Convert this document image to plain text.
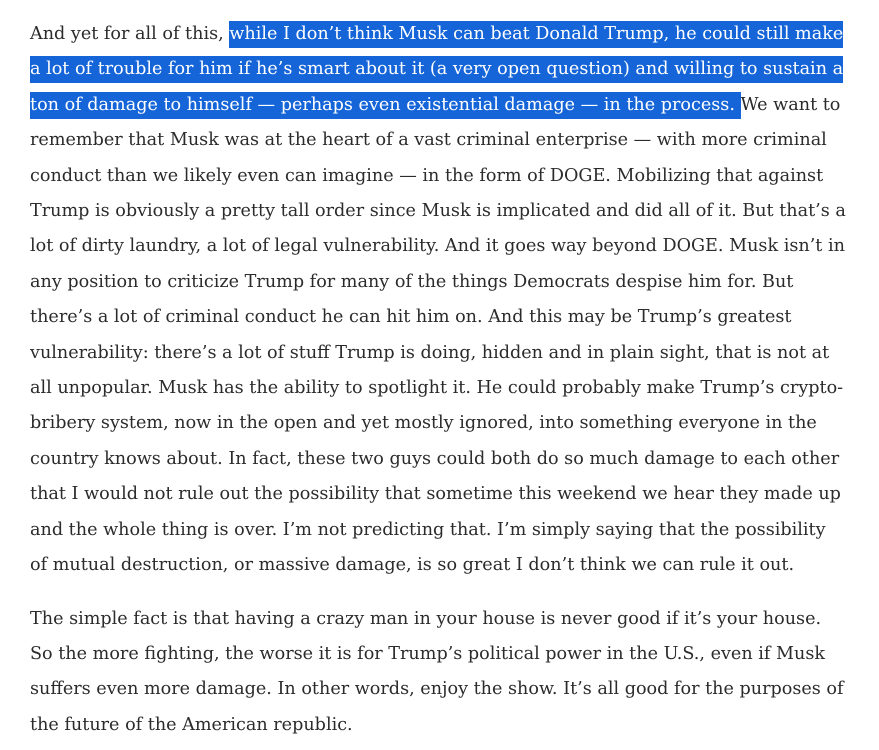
And yet for all of this, while I don’t think Musk can beat Donald Trump, he could still make a lot of trouble for him if he’s smart about it (a very open question) and willing to sustain a ton of damage to himself — perhaps even existential damage — in the process. We want to remember that Musk was at the heart of a vast criminal enterprise — with more criminal conduct than we likely even can imagine — in the form of DOGE. Mobilizing that against Trump is obviously a pretty tall order since Musk is implicated and did all of it. But that’s a lot of dirty laundry, a lot of legal vulnerability. And it goes way beyond DOGE. Musk isn’t in any position to criticize Trump for many of the things Democrats despise him for. But there’s a lot of criminal conduct he can hit him on. And this may be Trump’s greatest vulnerability: there’s a lot of stuff Trump is doing, hidden and in plain sight, that is not at all unpopular. Musk has the ability to spotlight it. He could probably make Trump’s crypto-bribery system, now in the open and yet mostly ignored, into something everyone in the country knows about. In fact, these two guys could both do so much damage to each other that I would not rule out the possibility that sometime this weekend we hear they made up and the whole thing is over. I’m not predicting that. I’m simply saying that the possibility of mutual destruction, or massive damage, is so great I don’t think we can rule it out.

The simple fact is that having a crazy man in your house is never good if it’s your house. So the more fighting, the worse it is for Trump’s political power in the U.S., even if Musk suffers even more damage. In other words, enjoy the show. It’s all good for the purposes of the future of the American republic.
